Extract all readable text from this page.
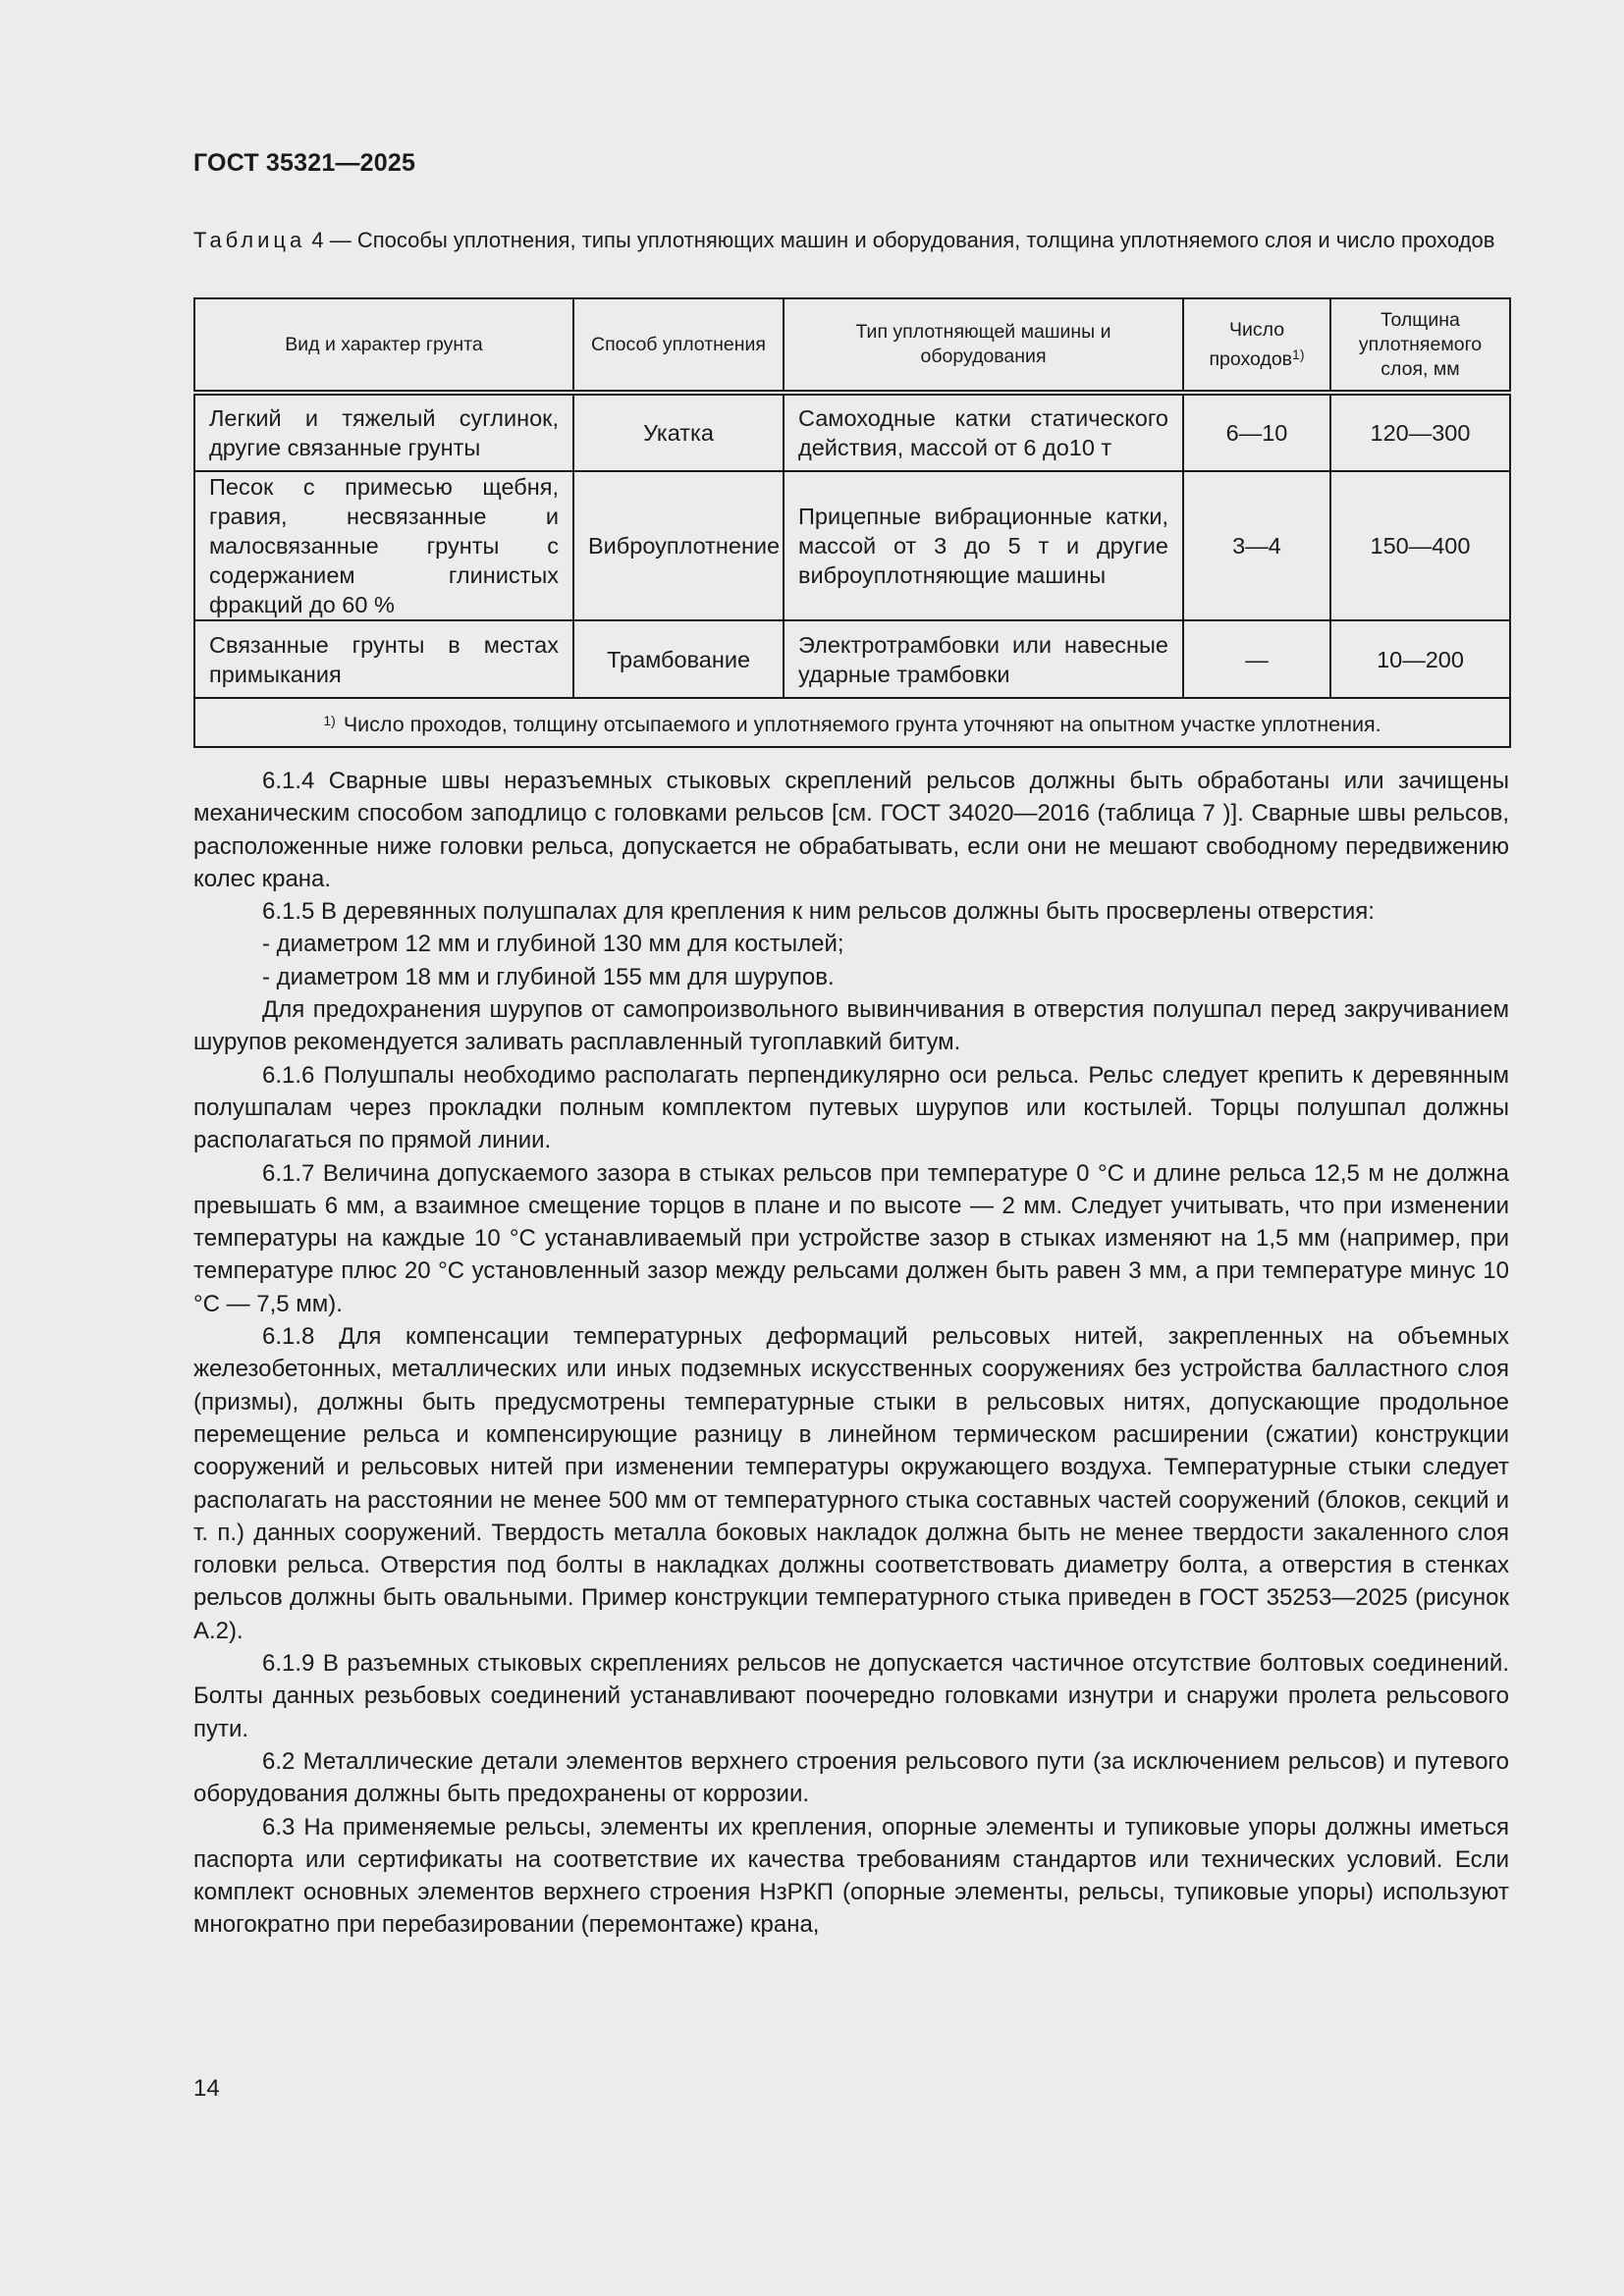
ГОСТ 35321—2025
Таблица 4 — Способы уплотнения, типы уплотняющих машин и оборудования, толщина уплотняемого слоя и число проходов
Вид и характер грунта	Способ уплотнения	Тип уплотняющей машины и оборудования	Число проходов$^{1)}$	Толщина уплотняемого слоя, мм
Легкий и тяжелый суглинок, другие связанные грунты	Укатка	Самоходные катки статического действия, массой от 6 до10 т	6—10	120—300
Песок с примесью щебня, гравия, несвязанные и малосвязанные грунты с содержанием глинистых фракций до 60 %	Виброуплотнение	Прицепные вибрационные катки, массой от 3 до 5 т и другие виброуплотняющие машины	3—4	150—400
Связанные грунты в местах примыкания	Трамбование	Электротрамбовки или навесные ударные трамбовки	—	10—200
$^{1)}$ Число проходов, толщину отсыпаемого и уплотняемого грунта уточняют на опытном участке уплотнения.				

6.1.4 Сварные швы неразъемных стыковых скреплений рельсов должны быть обработаны или зачищены механическим способом заподлицо с головками рельсов [см. ГОСТ 34020—2016 (таблица 7 )]. Сварные швы рельсов, расположенные ниже головки рельса, допускается не обрабатывать, если они не мешают свободному передвижению колес крана.

6.1.5 В деревянных полушпалах для крепления к ним рельсов должны быть просверлены отверстия:

- диаметром 12 мм и глубиной 130 мм для костылей;

- диаметром 18 мм и глубиной 155 мм для шурупов.

Для предохранения шурупов от самопроизвольного вывинчивания в отверстия полушпал перед закручиванием шурупов рекомендуется заливать расплавленный тугоплавкий битум.

6.1.6 Полушпалы необходимо располагать перпендикулярно оси рельса. Рельс следует крепить к деревянным полушпалам через прокладки полным комплектом путевых шурупов или костылей. Торцы полушпал должны располагаться по прямой линии.

6.1.7 Величина допускаемого зазора в стыках рельсов при температуре 0 °C и длине рельса 12,5 м не должна превышать 6 мм, а взаимное смещение торцов в плане и по высоте — 2 мм. Следует учитывать, что при изменении температуры на каждые 10 °C устанавливаемый при устройстве зазор в стыках изменяют на 1,5 мм (например, при температуре плюс 20 °C установленный зазор между рельсами должен быть равен 3 мм, а при температуре минус 10 °C — 7,5 мм).

6.1.8 Для компенсации температурных деформаций рельсовых нитей, закрепленных на объемных железобетонных, металлических или иных подземных искусственных сооружениях без устройства балластного слоя (призмы), должны быть предусмотрены температурные стыки в рельсовых нитях, допускающие продольное перемещение рельса и компенсирующие разницу в линейном термическом расширении (сжатии) конструкции сооружений и рельсовых нитей при изменении температуры окружающего воздуха. Температурные стыки следует располагать на расстоянии не менее 500 мм от температурного стыка составных частей сооружений (блоков, секций и т. п.) данных сооружений. Твердость металла боковых накладок должна быть не менее твердости закаленного слоя головки рельса. Отверстия под болты в накладках должны соответствовать диаметру болта, а отверстия в стенках рельсов должны быть овальными. Пример конструкции температурного стыка приведен в ГОСТ 35253—2025 (рисунок А.2).

6.1.9 В разъемных стыковых скреплениях рельсов не допускается частичное отсутствие болтовых соединений. Болты данных резьбовых соединений устанавливают поочередно головками изнутри и снаружи пролета рельсового пути.

6.2 Металлические детали элементов верхнего строения рельсового пути (за исключением рельсов) и путевого оборудования должны быть предохранены от коррозии.

6.3 На применяемые рельсы, элементы их крепления, опорные элементы и тупиковые упоры должны иметься паспорта или сертификаты на соответствие их качества требованиям стандартов или технических условий. Если комплект основных элементов верхнего строения НзРКП (опорные элементы, рельсы, тупиковые упоры) используют многократно при перебазировании (перемонтаже) крана,

14
